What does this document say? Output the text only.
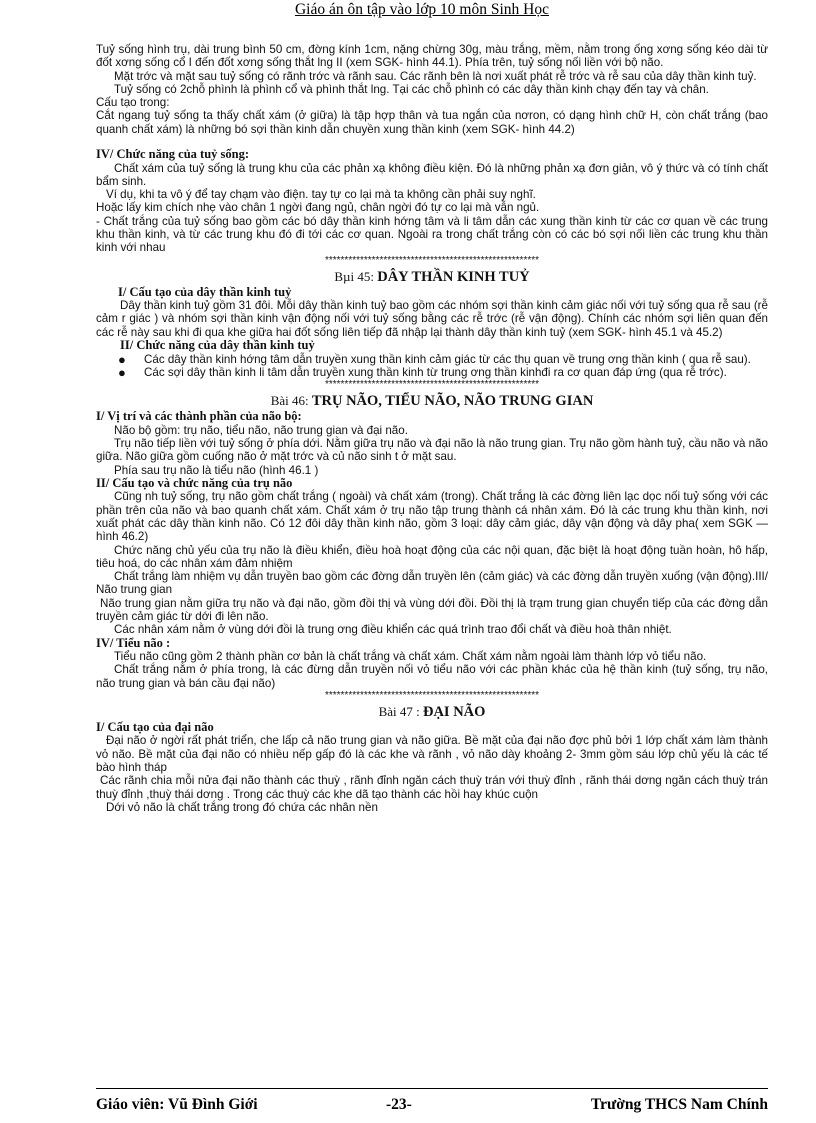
Giáo án ôn tập vào lớp 10 môn Sinh Học

Tuỷ sống hình trụ, dài trung bình 50 cm, đờng kính 1cm, nặng chừng 30g, màu trắng, mềm, nằm trong ống xơng sống kéo dài từ đốt xơng sống cổ I đến đốt xơng sống thắt lng II (xem SGK- hình 44.1). Phía trên, tuỷ sống nối liền với bộ não.

Mặt trớc và mặt sau tuỷ sống có rãnh trớc và rãnh sau. Các rãnh bên là nơi xuất phát rễ trớc và rễ sau của dây thần kinh tuỷ.

Tuỷ sống có 2chỗ phình là phình cổ và phình thắt lng. Tại các chỗ phình có các dây thần kinh chạy đến tay và chân.

Cấu tạo trong:

Cắt ngang tuỷ sống ta thấy chất xám (ở giữa) là tập hợp thân và tua ngắn của nơron, có dạng hình chữ H, còn chất trắng (bao quanh chất xám) là những bó sợi thần kinh dẫn chuyền xung thần kinh (xem SGK- hình 44.2)

IV/ Chức năng của tuỷ sống:

Chất xám của tuỷ sống là trung khu của các phản xạ không điều kiện. Đó là những phản xạ đơn giản, vô ý thức và có tính chất bẩm sinh.

Ví dụ, khi ta vô ý để tay chạm vào điện. tay tự co lại mà ta không cần phải suy nghĩ.

Hoặc lấy kim chích nhẹ vào chân 1 ngời đang ngủ, chân ngời đó tự co lại mà vẫn ngủ.

- Chất trắng của tuỷ sống bao gồm các bó dây thần kinh hớng tâm và li tâm dẫn các xung thần kinh từ các cơ quan về các trung khu thần kinh, và từ các trung khu đó đi tới các cơ quan. Ngoài ra trong chất trắng còn có các bó sợi nối liền các trung khu thần kinh với nhau

*******************************************************
Bµi 45: DÂY THẦN KINH TUỶ
I/ Cấu tạo của dây thần kinh tuỷ

Dây thần kinh tuỷ gồm 31 đôi. Mỗi dây thần kinh tuỷ bao gồm các nhóm sợi thần kinh cảm giác nối với tuỷ sống qua rễ sau (rễ cảm r giác ) và nhóm sợi thần kinh vận động nối với tuỷ sống bằng các rễ trớc (rễ vận động). Chính các nhóm sợi liên quan đến các rễ này sau khi đi qua khe giữa hai đốt sống liên tiếp đã nhập lại thành dây thần kinh tuỷ (xem SGK- hình 45.1 và 45.2)

II/ Chức năng của dây thần kinh tuỷ
● Các dây thần kinh hớng tâm dẫn truyền xung thần kinh cảm giác từ các thụ quan về trung ơng thần kinh ( qua rễ sau).
● Các sợi dây thần kinh li tâm dẫn truyền xung thần kinh từ trung ơng thần kinhđi ra cơ quan đáp ứng (qua rễ trớc).
*******************************************************
Bài 46: TRỤ NÃO, TIỂU NÃO, NÃO TRUNG GIAN
I/ Vị trí và các thành phần của não bộ:

Não bộ gồm: trụ não, tiểu não, não trung gian và đại não.

Trụ não tiếp liền với tuỷ sống ở phía dới. Nằm giữa trụ não và đại não là não trung gian. Trụ não gồm hành tuỷ, cầu não và não giữa. Não giữa gồm cuống não ở mặt trớc và củ não sinh t ở mặt sau.

Phía sau trụ não là tiểu não (hình 46.1 )

II/ Cấu tạo và chức năng của trụ não

Cũng nh tuỷ sống, trụ não gồm chất trắng ( ngoài) và chất xám (trong). Chất trắng là các đờng liên lạc dọc nối tuỷ sống với các phần trên của não và bao quanh chất xám. Chất xám ở trụ não tập trung thành cá nhân xám. Đó là các trung khu thần kinh, nơi xuất phát các dây thần kinh não. Có 12 đôi dây thần kinh não, gồm 3 loại: dây cảm giác, dây vận động và dây pha( xem SGK — hình 46.2)

Chức năng chủ yếu của trụ não là điều khiển, điều hoà hoạt động của các nội quan, đặc biệt là hoạt động tuần hoàn, hô hấp, tiêu hoá, do các nhân xám đảm nhiệm

Chất trắng làm nhiệm vụ dẫn truyền bao gồm các đờng dẫn truyền lên (cảm giác) và các đờng dẫn truyền xuống (vận động).III/ Não trung gian

Não trung gian nằm giữa trụ não và đại não, gồm đồi thị và vùng dới đồi. Đồi thị là trạm trung gian chuyển tiếp của các đờng dẫn truyền cảm giác từ dới đi lên não.

Các nhân xám nằm ở vùng dới đồi là trung ơng điều khiển các quá trình trao đổi chất và điều hoà thân nhiệt.

IV/ Tiểu não :

Tiểu não cũng gồm 2 thành phần cơ bản là chất trắng và chất xám. Chất xám nằm ngoài làm thành lớp vỏ tiểu não.

Chất trắng nằm ở phía trong, là các đừng dẫn truyền nối vỏ tiểu não với các phần khác của hệ thần kinh (tuỷ sống, trụ não, não trung gian và bán cầu đại não)

*******************************************************
Bài 47 : ĐẠI NÃO
I/ Cấu tạo của đại não

Đại não ở ngời rất phát triển, che lấp cả não trung gian và não giữa. Bề mặt của đại não đợc phủ bởi 1 lớp chất xám làm thành vỏ não. Bề mặt của đại não có nhiều nếp gấp đó là các khe và rãnh , vỏ não dày khoảng 2- 3mm gồm sáu lớp chủ yếu là các tế bào hình tháp

Các rãnh chia mỗi nửa đại não thành các thuỳ , rãnh đỉnh ngăn cách thuỳ trán với thuỳ đỉnh , rãnh thái dơng ngăn cách thuỳ trán thuỳ đỉnh ,thuỳ thái dơng . Trong các thuỳ các khe dã tạo thành các hồi hay khúc cuộn

Dới vỏ não là chất trắng trong đó chứa các nhân nền

Giáo viên: Vũ Đình Giới	-23-	Trường THCS Nam Chính
